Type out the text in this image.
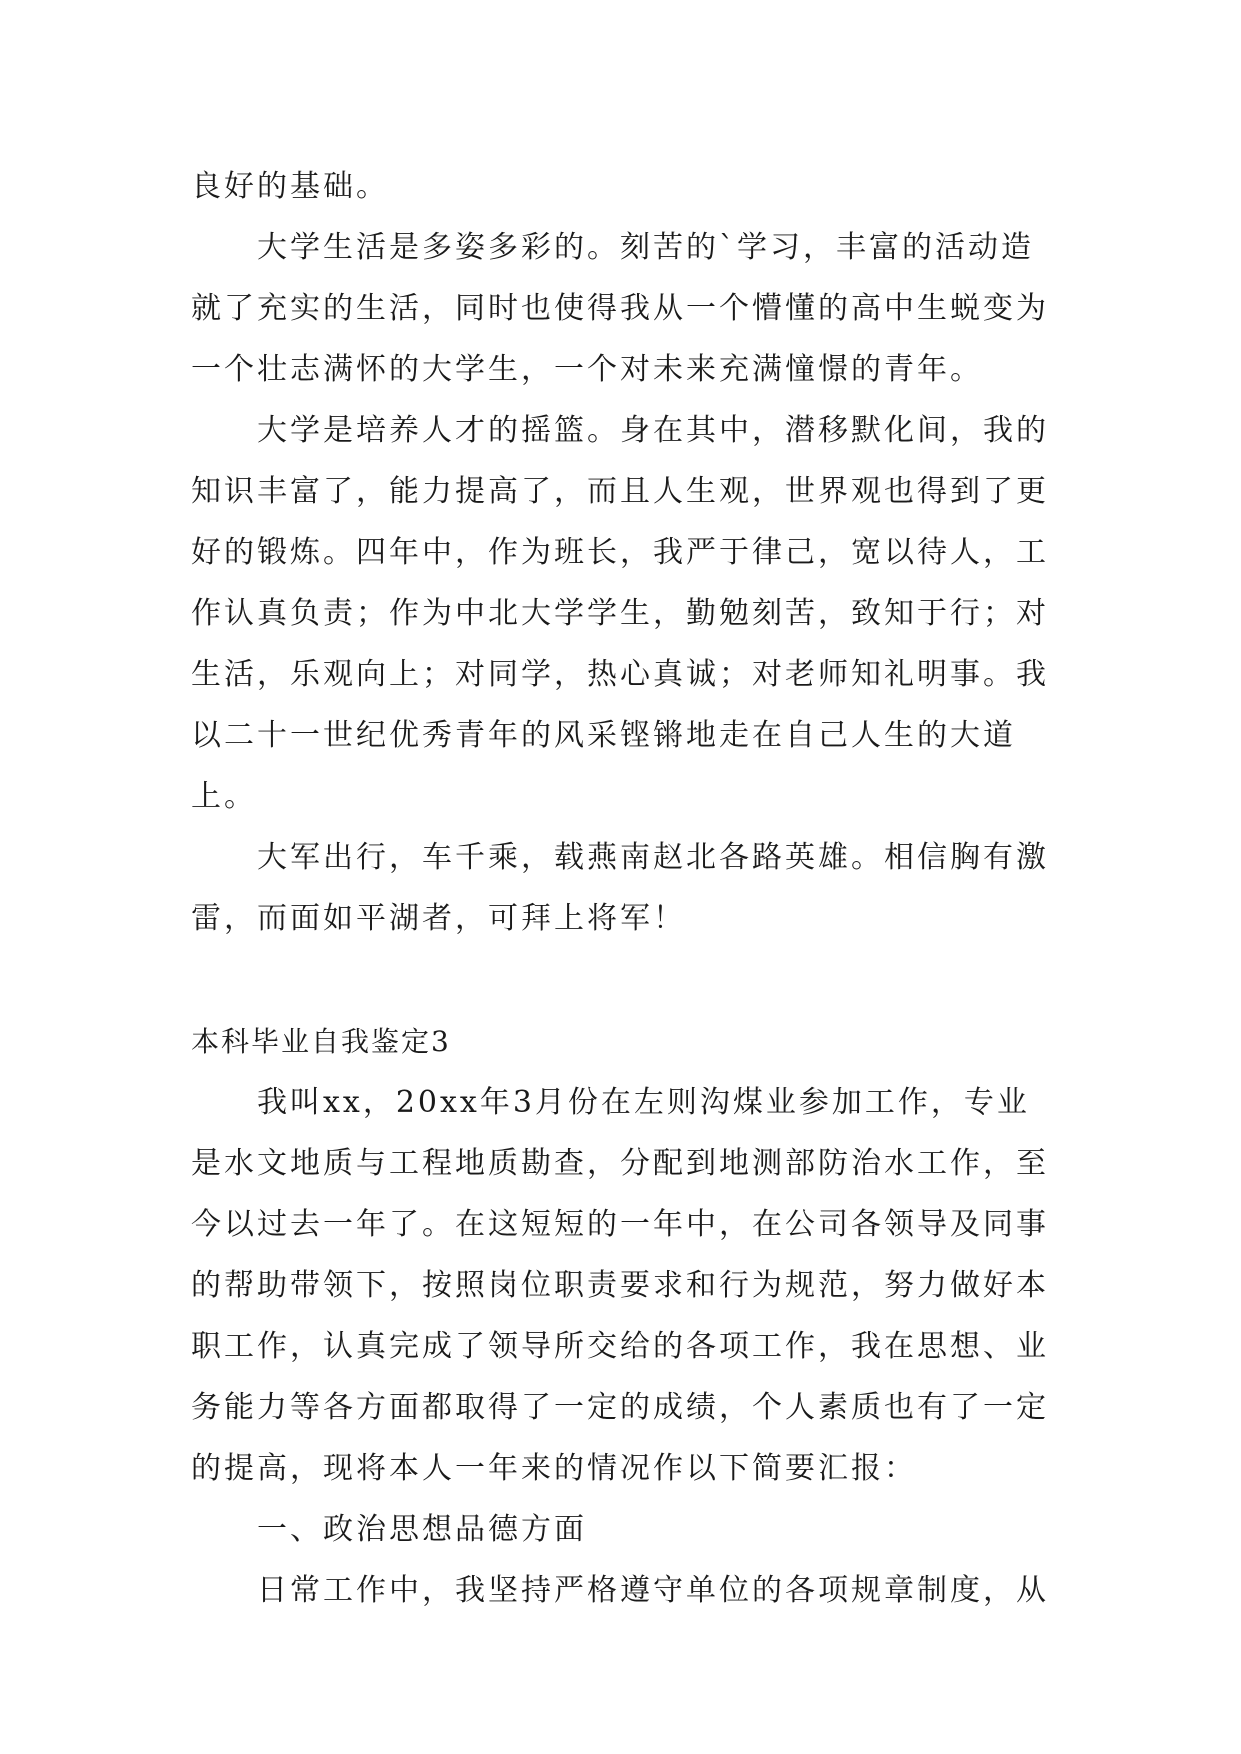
良好的基础。
大学生活是多姿多彩的。刻苦的`学习，丰富的活动造
就了充实的生活，同时也使得我从一个懵懂的高中生蜕变为
一个壮志满怀的大学生，一个对未来充满憧憬的青年。
大学是培养人才的摇篮。身在其中，潜移默化间，我的
知识丰富了，能力提高了，而且人生观，世界观也得到了更
好的锻炼。四年中，作为班长，我严于律己，宽以待人，工
作认真负责；作为中北大学学生，勤勉刻苦，致知于行；对
生活，乐观向上；对同学，热心真诚；对老师知礼明事。我
以二十一世纪优秀青年的风采铿锵地走在自己人生的大道
上。
大军出行，车千乘，载燕南赵北各路英雄。相信胸有激
雷，而面如平湖者，可拜上将军！
本科毕业自我鉴定3
我叫xx，20xx年3月份在左则沟煤业参加工作，专业
是水文地质与工程地质勘查，分配到地测部防治水工作，至
今以过去一年了。在这短短的一年中，在公司各领导及同事
的帮助带领下，按照岗位职责要求和行为规范，努力做好本
职工作，认真完成了领导所交给的各项工作，我在思想、业
务能力等各方面都取得了一定的成绩，个人素质也有了一定
的提高，现将本人一年来的情况作以下简要汇报：
一、政治思想品德方面
日常工作中，我坚持严格遵守单位的各项规章制度，从
